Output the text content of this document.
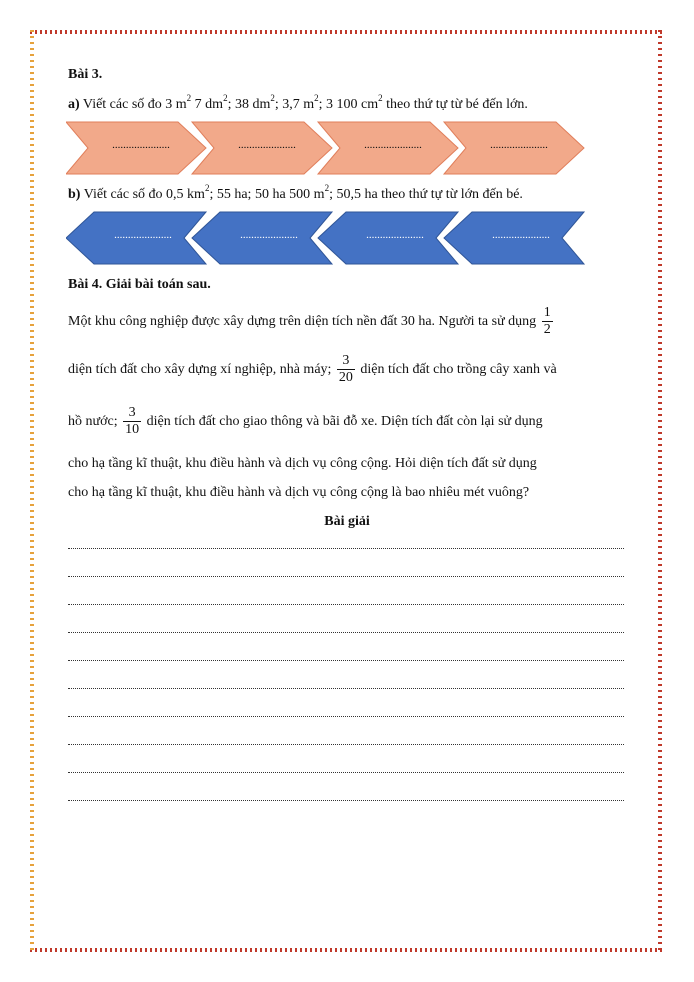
Bài 3.
a) Viết các số đo 3 $m^2$ 7 $dm^2$; 38 $dm^2$; 3,7 $m^2$; 3 100 $cm^2$ theo thứ tự từ bé đến lớn.
.....................	.....................	.....................	.....................
b) Viết các số đo 0,5 $km^2$; 55 ha; 50 ha 500 $m^2$; 50,5 ha theo thứ tự từ lớn đến bé.
.....................	.....................	.....................	.....................
Bài 4. Giải bài toán sau.
Một khu công nghiệp được xây dựng trên diện tích nền đất 30 ha. Người ta sử dụng $\frac{1}{2}$
diện tích đất cho xây dựng xí nghiệp, nhà máy; $\frac{3}{20}$ diện tích đất cho trồng cây xanh và
hồ nước; $\frac{3}{10}$ diện tích đất cho giao thông và bãi đỗ xe. Diện tích đất còn lại sử dụng
cho hạ tầng kĩ thuật, khu điều hành và dịch vụ công cộng. Hỏi diện tích đất sử dụng
cho hạ tầng kĩ thuật, khu điều hành và dịch vụ công cộng là bao nhiêu mét vuông?
Bài giải
